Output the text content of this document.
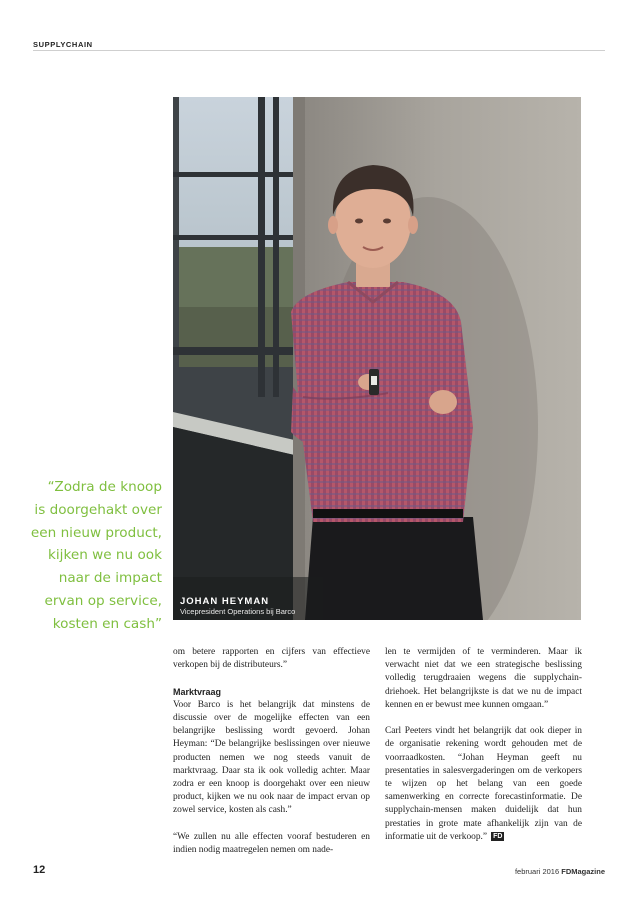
SUPPLYCHAIN
JOHAN HEYMAN
Vicepresident Operations bij Barco
“Zodra de knoop
is doorgehakt over
een nieuw product,
kijken we nu ook
naar de impact
ervan op service,
kosten en cash”

om betere rapporten en cijfers van effectieve verkopen bij de distributeurs.”

Marktvraag

Voor Barco is het belangrijk dat minstens de discussie over de mogelijke effecten van een belangrijke beslissing wordt gevoerd. Johan Heyman: “De belangrijke beslissingen over nieuwe producten nemen we nog steeds vanuit de marktvraag. Daar sta ik ook volledig achter. Maar zodra er een knoop is doorgehakt over een nieuw product, kijken we nu ook naar de impact ervan op zowel service, kosten als cash.”

“We zullen nu alle effecten vooraf bestuderen en indien nodig maatregelen nemen om nade-

len te vermijden of te verminderen. Maar ik verwacht niet dat we een strategische beslissing volledig terugdraaien wegens die supplychain-driehoek. Het belangrijkste is dat we nu de impact kennen en er bewust mee kunnen omgaan.”

Carl Peeters vindt het belangrijk dat ook dieper in de organisatie rekening wordt gehouden met de voorraadkosten. “Johan Heyman geeft nu presentaties in salesvergaderingen om de verkopers te wijzen op het belang van een goede samenwerking en correcte forecastinformatie. De supplychain-mensen maken duidelijk dat hun prestaties in grote mate afhankelijk zijn van de informatie uit de verkoop.” FD

12	februari 2016 FDMagazine
